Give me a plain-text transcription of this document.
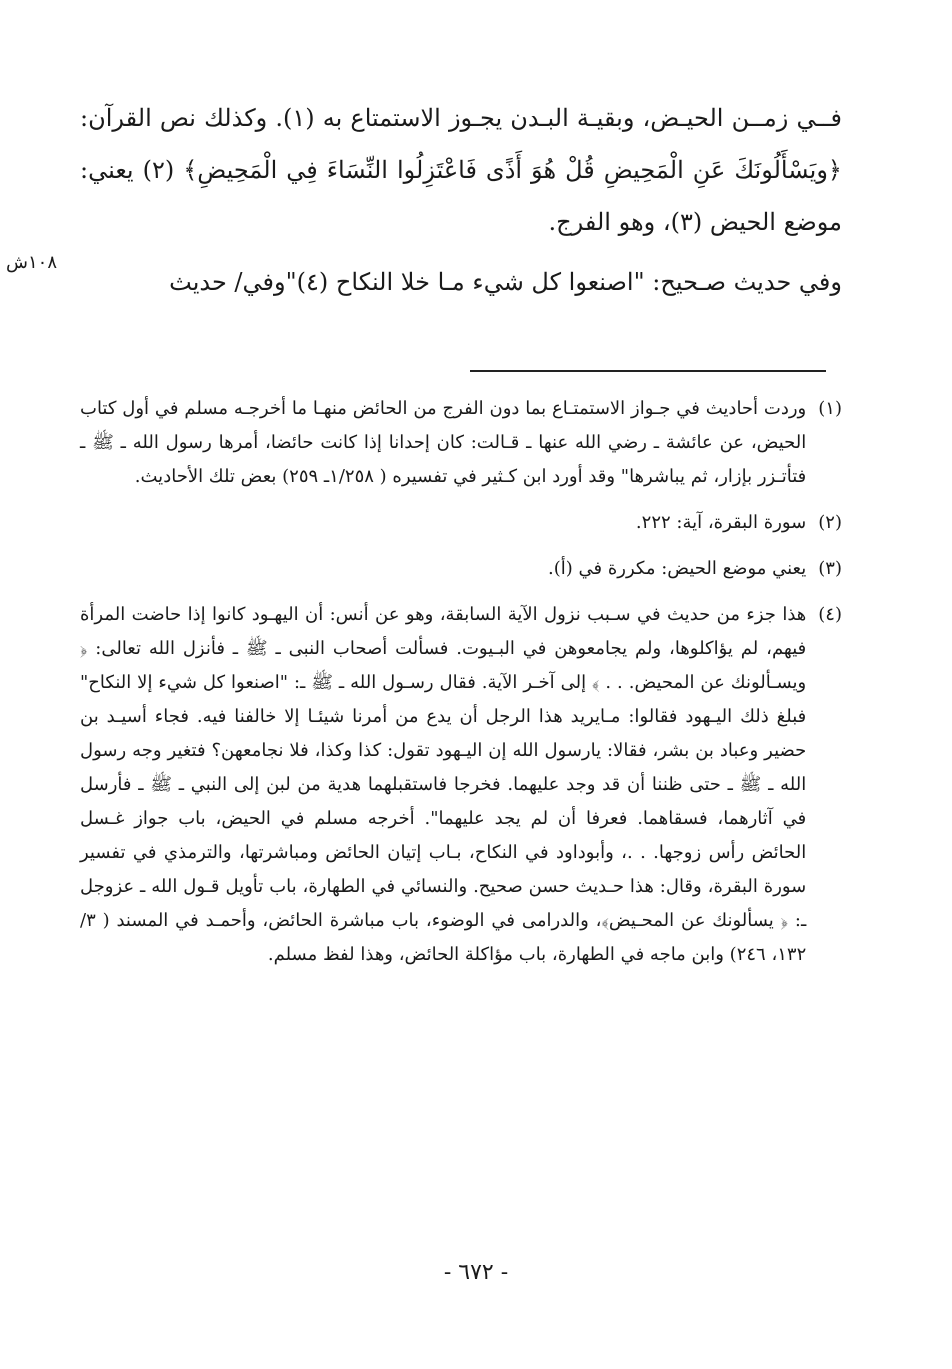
فــي زمــن الحيـض، وبقيـة البـدن يجـوز الاستمتاع به (١). وكذلك نص القرآن: ﴿ويَسْأَلُونَكَ عَنِ الْمَحِيضِ قُلْ هُوَ أَذًى فَاعْتَزِلُوا النِّسَاءَ فِي الْمَحِيضِ﴾ (٢) يعني: موضع الحيض (٣)، وهو الفرج.

وفي حديث صـحيح: "اصنعوا كل شيء مـا خلا النكاح (٤)"وفي/ حديث

١٠٨ش
(١)
وردت أحاديث في جـواز الاستمتـاع بما دون الفرج من الحائض منهـا ما أخرجـه مسلم في أول كتاب الحيض، عن عائشة ـ رضي الله عنها ـ قـالت: كان إحدانا إذا كانت حائضا، أمرها رسول الله ـ ﷺ ـ فتأتـزر بإزار، ثم يباشرها" وقد أورد ابن كـثير في تفسيره ( ١/٢٥٨ـ ٢٥٩) بعض تلك الأحاديث.
(٢)
سورة البقرة، آية: ٢٢٢.
(٣)
يعني موضع الحيض: مكررة في (أ).
(٤)
هذا جزء من حديث في سـبب نزول الآية السابقة، وهو عن أنس: أن اليهـود كانوا إذا حاضت المرأة فيهم، لم يؤاكلوها، ولم يجامعوهن في البـيوت. فسألت أصحاب النبى ـ ﷺ ـ فأنزل الله تعالى: ﴿ ويسـألونك عن المحيض. . . ﴾ إلى آخـر الآية. فقال رسـول الله ـ ﷺ ـ: "اصنعوا كل شيء إلا النكاح" فبلغ ذلك اليـهود فقالوا: مـايريد هذا الرجل أن يدع من أمرنا شيئـا إلا خالفنا فيه. فجاء أسيـد بن حضير وعباد بن بشر، فقالا: يارسول الله إن اليـهود تقول: كذا وكذا، فلا نجامعهن؟ فتغير وجه رسول الله ـ ﷺ ـ حتى ظننا أن قد وجد عليهما. فخرجا فاستقبلهما هدية من لبن إلى النبي ـ ﷺ ـ فأرسل في آثارهما، فسقاهما. فعرفا أن لم يجد عليهما". أخرجه مسلم في الحيض، باب جواز غـسل الحائض رأس زوجها. . .، وأبوداود في النكاح، بـاب إتيان الحائض ومباشرتها، والترمذي في تفسير سورة البقرة، وقال: هذا حـديث حسن صحيح. والنسائي في الطهارة، باب تأويل قـول الله ـ عزوجل ـ: ﴿ يسألونك عن المحـيض﴾، والدرامى في الوضوء، باب مباشرة الحائض، وأحمـد في المسند ( ٣/ ١٣٢، ٢٤٦) وابن ماجه في الطهارة، باب مؤاكلة الحائض، وهذا لفظ مسلم.
- ٦٧٢ -
